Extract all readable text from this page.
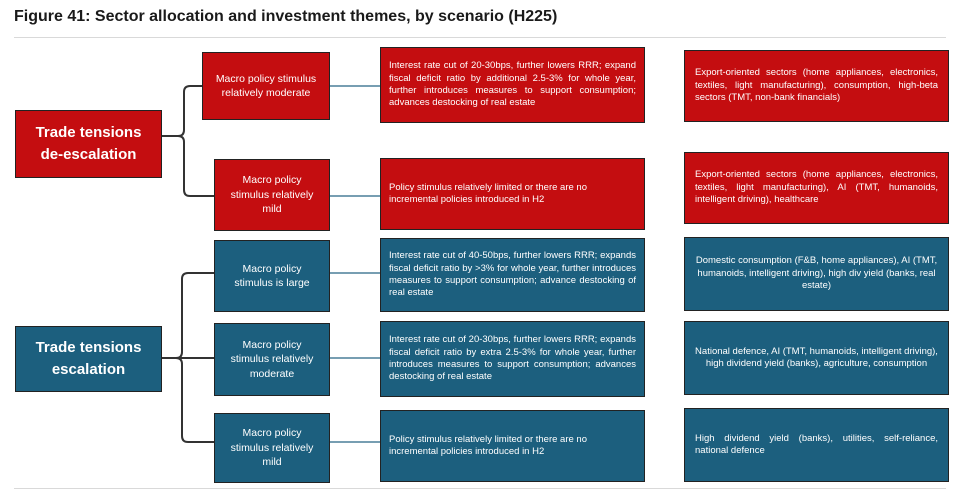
Figure 41: Sector allocation and investment themes, by scenario (H225)
Trade tensions de-escalation
Trade tensions escalation
Macro policy stimulus relatively moderate
Interest rate cut of 20-30bps, further lowers RRR; expand fiscal deficit ratio by additional 2.5-3% for whole year, further introduces measures to support consumption; advances destocking of real estate
Export-oriented sectors (home appliances, electronics, textiles, light manufacturing), consumption, high-beta sectors (TMT, non-bank financials)
Macro policy stimulus relatively mild
Policy stimulus relatively limited or there are no incremental policies introduced in H2
Export-oriented sectors (home appliances, electronics, textiles, light manufacturing), AI (TMT, humanoids, intelligent driving), healthcare
Macro policy stimulus is large
Interest rate cut of 40-50bps, further lowers RRR; expands fiscal deficit ratio by >3% for whole year, further introduces measures to support consumption; advance destocking of real estate
Domestic consumption (F&B, home appliances), AI (TMT, humanoids, intelligent driving), high div yield (banks, real estate)
Macro policy stimulus relatively moderate
Interest rate cut of 20-30bps, further lowers RRR; expands fiscal deficit ratio by extra 2.5-3% for whole year, further introduces measures to support consumption; advances destocking of real estate
National defence, AI (TMT, humanoids, intelligent driving), high dividend yield (banks), agriculture, consumption
Macro policy stimulus relatively mild
Policy stimulus relatively limited or there are no incremental policies introduced in H2
High dividend yield (banks), utilities, self-reliance, national defence
